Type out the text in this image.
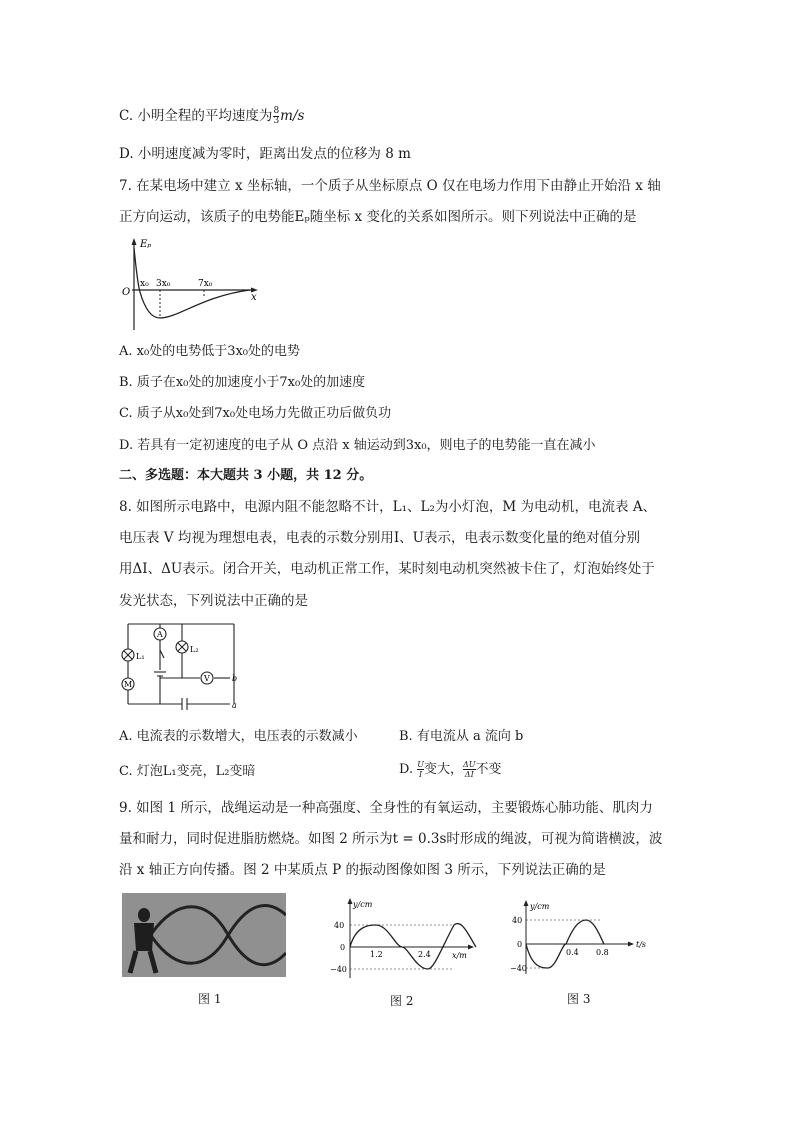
C. 小明全程的平均速度为 $\frac{8}{3} m/s$
D. 小明速度减为零时，距离出发点的位移为 8 m
7. 在某电场中建立 x 坐标轴，一个质子从坐标原点 O 仅在电场力作用下由静止开始沿 x 轴
正方向运动，该质子的电势能Eₚ随坐标 x 变化的关系如图所示。则下列说法中正确的是
Eₚ
O	x
x₀ 3x₀	7x₀
A. x₀处的电势低于3x₀处的电势
B. 质子在x₀处的加速度小于7x₀处的加速度
C. 质子从x₀处到7x₀处电场力先做正功后做负功
D. 若具有一定初速度的电子从 O 点沿 x 轴运动到3x₀，则电子的电势能一直在减小
二、多选题：本大题共 3 小题，共 12 分。
8. 如图所示电路中，电源内阻不能忽略不计，L₁、L₂为小灯泡，M 为电动机，电流表 A、
电压表 V 均视为理想电表，电表的示数分别用I、U表示，电表示数变化量的绝对值分别
用ΔI、ΔU表示。闭合开关，电动机正常工作，某时刻电动机突然被卡住了，灯泡始终处于
发光状态，下列说法中正确的是
A
V
M
L₁
L₂
b
a
A. 电流表的示数增大，电压表的示数减小	B. 有电流从 a 流向 b
C. 灯泡L₁变亮，L₂变暗	D. $\frac{U}{I}$ 变大， $\frac{\Delta U}{\Delta I}$ 不变
9. 如图 1 所示，战绳运动是一种高强度、全身性的有氧运动，主要锻炼心肺功能、肌肉力
量和耐力，同时促进脂肪燃烧。如图 2 所示为t = 0.3s时形成的绳波，可视为简谐横波，波
沿 x 轴正方向传播。图 2 中某质点 P 的振动图像如图 3 所示，下列说法正确的是
图 1
y/cm
x/m
40
0
−40
1.2	2.4
图 2
y/cm
t/s
40
0
−40
0.4 0.8
图 3
